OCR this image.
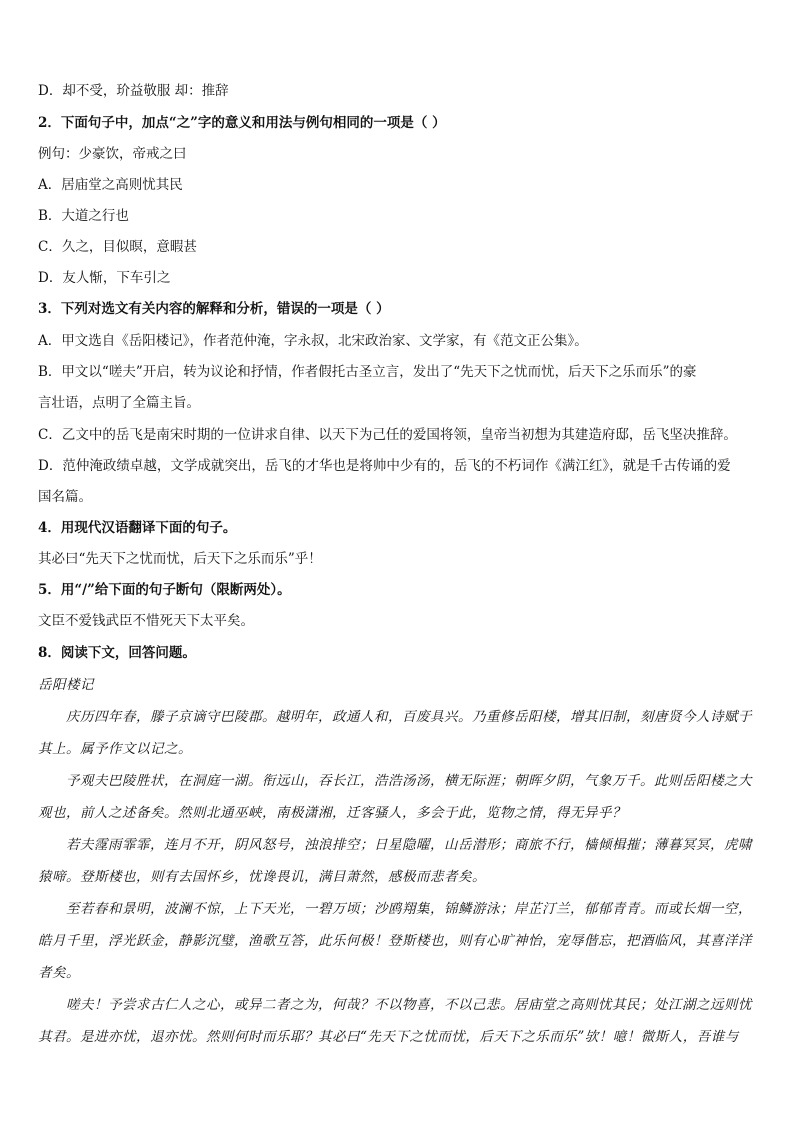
D．却不受，玠益敬服 却：推辞
2．下面句子中，加点“之”字的意义和用法与例句相同的一项是（ ）
例句：少豪饮，帝戒之曰
A．居庙堂之高则忧其民
B．大道之行也
C．久之，目似暝，意暇甚
D．友人惭，下车引之
3．下列对选文有关内容的解释和分析，错误的一项是（ ）
A．甲文选自《岳阳楼记》，作者范仲淹，字永叔，北宋政治家、文学家，有《范文正公集》。
B．甲文以“嗟夫”开启，转为议论和抒情，作者假托古圣立言，发出了“先天下之忧而忧，后天下之乐而乐”的豪
言壮语，点明了全篇主旨。
C．乙文中的岳飞是南宋时期的一位讲求自律、以天下为己任的爱国将领，皇帝当初想为其建造府邸，岳飞坚决推辞。
D．范仲淹政绩卓越，文学成就突出，岳飞的才华也是将帅中少有的，岳飞的不朽词作《满江红》，就是千古传诵的爱
国名篇。
4．用现代汉语翻译下面的句子。
其必曰“先天下之忧而忧，后天下之乐而乐”乎！
5．用“/”给下面的句子断句（限断两处）。
文臣不爱钱武臣不惜死天下太平矣。
8．阅读下文，回答问题。
岳阳楼记
庆历四年春，滕子京谪守巴陵郡。越明年，政通人和，百废具兴。乃重修岳阳楼，增其旧制，刻唐贤今人诗赋于
其上。属予作文以记之。
予观夫巴陵胜状，在洞庭一湖。衔远山，吞长江，浩浩汤汤，横无际涯；朝晖夕阴，气象万千。此则岳阳楼之大
观也，前人之述备矣。然则北通巫峡，南极潇湘，迁客骚人，多会于此，览物之情，得无异乎？
若夫霪雨霏霏，连月不开，阴风怒号，浊浪排空；日星隐曜，山岳潜形；商旅不行，樯倾楫摧；薄暮冥冥，虎啸
猿啼。登斯楼也，则有去国怀乡，忧谗畏讥，满目萧然，感极而悲者矣。
至若春和景明，波澜不惊，上下天光，一碧万顷；沙鸥翔集，锦鳞游泳；岸芷汀兰，郁郁青青。而或长烟一空，
皓月千里，浮光跃金，静影沉璧，渔歌互答，此乐何极！登斯楼也，则有心旷神怡，宠辱偕忘，把酒临风，其喜洋洋
者矣。
嗟夫！予尝求古仁人之心，或异二者之为，何哉？不以物喜，不以己悲。居庙堂之高则忧其民；处江湖之远则忧
其君。是进亦忧，退亦忧。然则何时而乐耶？其必曰“先天下之忧而忧，后天下之乐而乐”欤！噫！微斯人，吾谁与
